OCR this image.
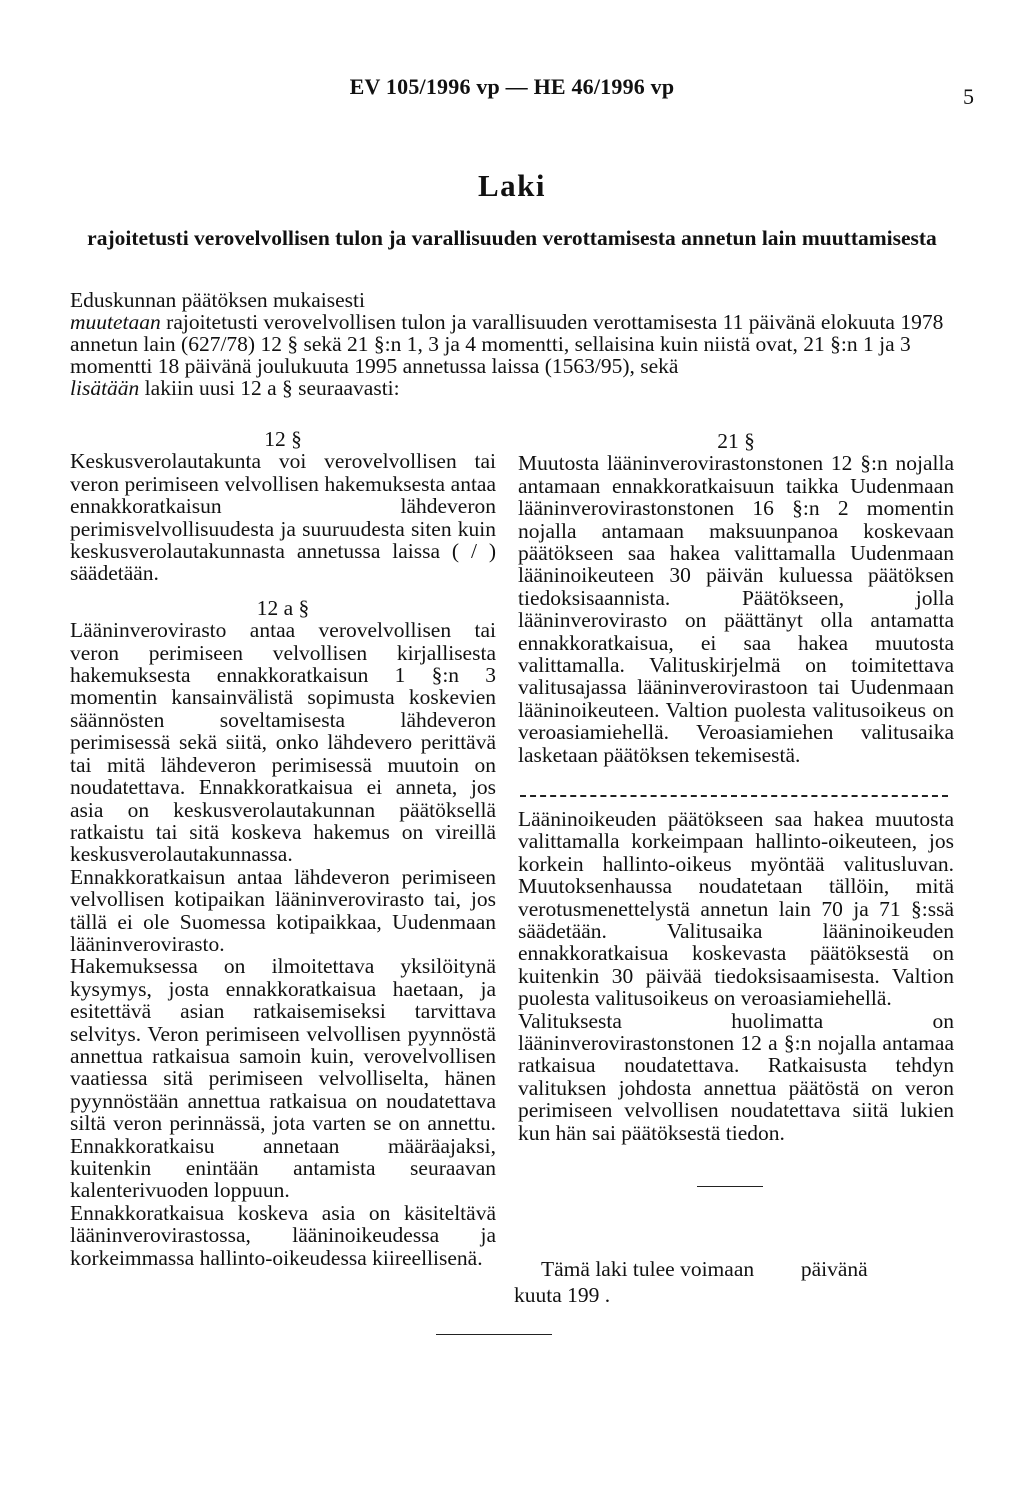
EV 105/1996 vp — HE 46/1996 vp	5
Laki
rajoitetusti verovelvollisen tulon ja varallisuuden verottamisesta annetun lain muuttamisesta

Eduskunnan päätöksen mukaisesti

muutetaan rajoitetusti verovelvollisen tulon ja varallisuuden verottamisesta 11 päivänä elokuuta 1978 annetun lain (627/78) 12 § sekä 21 §:n 1, 3 ja 4 momentti, sellaisina kuin niistä ovat, 21 §:n 1 ja 3 momentti 18 päivänä joulukuuta 1995 annetussa laissa (1563/95), sekä
lisätään lakiin uusi 12 a § seuraavasti:

12 §

Keskusverolautakunta voi verovelvollisen tai veron perimiseen velvollisen hakemuksesta antaa ennakkoratkaisun lähdeveron perimisvelvollisuudesta ja suuruudesta siten kuin keskusverolautakunnasta annetussa laissa ( / ) säädetään.

12 a §

Lääninverovirasto antaa verovelvollisen tai veron perimiseen velvollisen kirjallisesta hakemuksesta ennakkoratkaisun 1 §:n 3 momentin kansainvälistä sopimusta koskevien säännösten soveltamisesta lähdeveron perimisessä sekä siitä, onko lähdevero perittävä tai mitä lähdeveron perimisessä muutoin on noudatettava. Ennakkoratkaisua ei anneta, jos asia on keskusverolautakunnan päätöksellä ratkaistu tai sitä koskeva hakemus on vireillä keskusverolautakunnassa.

Ennakkoratkaisun antaa lähdeveron perimiseen velvollisen kotipaikan lääninverovirasto tai, jos tällä ei ole Suomessa kotipaikkaa, Uudenmaan lääninverovirasto.

Hakemuksessa on ilmoitettava yksilöitynä kysymys, josta ennakkoratkaisua haetaan, ja esitettävä asian ratkaisemiseksi tarvittava selvitys. Veron perimiseen velvollisen pyynnöstä annettua ratkaisua samoin kuin, verovelvollisen vaatiessa sitä perimiseen velvolliselta, hänen pyynnöstään annettua ratkaisua on noudatettava siltä veron perinnässä, jota varten se on annettu. Ennakkoratkaisu annetaan määräajaksi, kuitenkin enintään antamista seuraavan kalenterivuoden loppuun.

Ennakkoratkaisua koskeva asia on käsiteltävä lääninverovirastossa, lääninoikeudessa ja korkeimmassa hallinto-oikeudessa kiireellisenä.

21 §

Muutosta lääninverovirastonstonen 12 §:n nojalla antamaan ennakkoratkaisuun taikka Uudenmaan lääninverovirastonstonen 16 §:n 2 momentin nojalla antamaan maksuunpanoa koskevaan päätökseen saa hakea valittamalla Uudenmaan lääninoikeuteen 30 päivän kuluessa päätöksen tiedoksisaannista. Päätökseen, jolla lääninverovirasto on päättänyt olla antamatta ennakkoratkaisua, ei saa hakea muutosta valittamalla. Valituskirjelmä on toimitettava valitusajassa lääninverovirastoon tai Uudenmaan lääninoikeuteen. Valtion puolesta valitusoikeus on veroasiamiehellä. Veroasiamiehen valitusaika lasketaan päätöksen tekemisestä.

Lääninoikeuden päätökseen saa hakea muutosta valittamalla korkeimpaan hallinto-oikeuteen, jos korkein hallinto-oikeus myöntää valitusluvan. Muutoksenhaussa noudatetaan tällöin, mitä verotusmenettelystä annetun lain 70 ja 71 §:ssä säädetään. Valitusaika lääninoikeuden ennakkoratkaisua koskevasta päätöksestä on kuitenkin 30 päivää tiedoksisaamisesta. Valtion puolesta valitusoikeus on veroasiamiehellä.

Valituksesta huolimatta on lääninverovirastonstonen 12 a §:n nojalla antamaa ratkaisua noudatettava. Ratkaisusta tehdyn valituksen johdosta annettua päätöstä on veron perimiseen velvollisen noudatettava siitä lukien kun hän sai päätöksestä tiedon.

Tämä laki tulee voimaan päivänä
kuuta 199 .
